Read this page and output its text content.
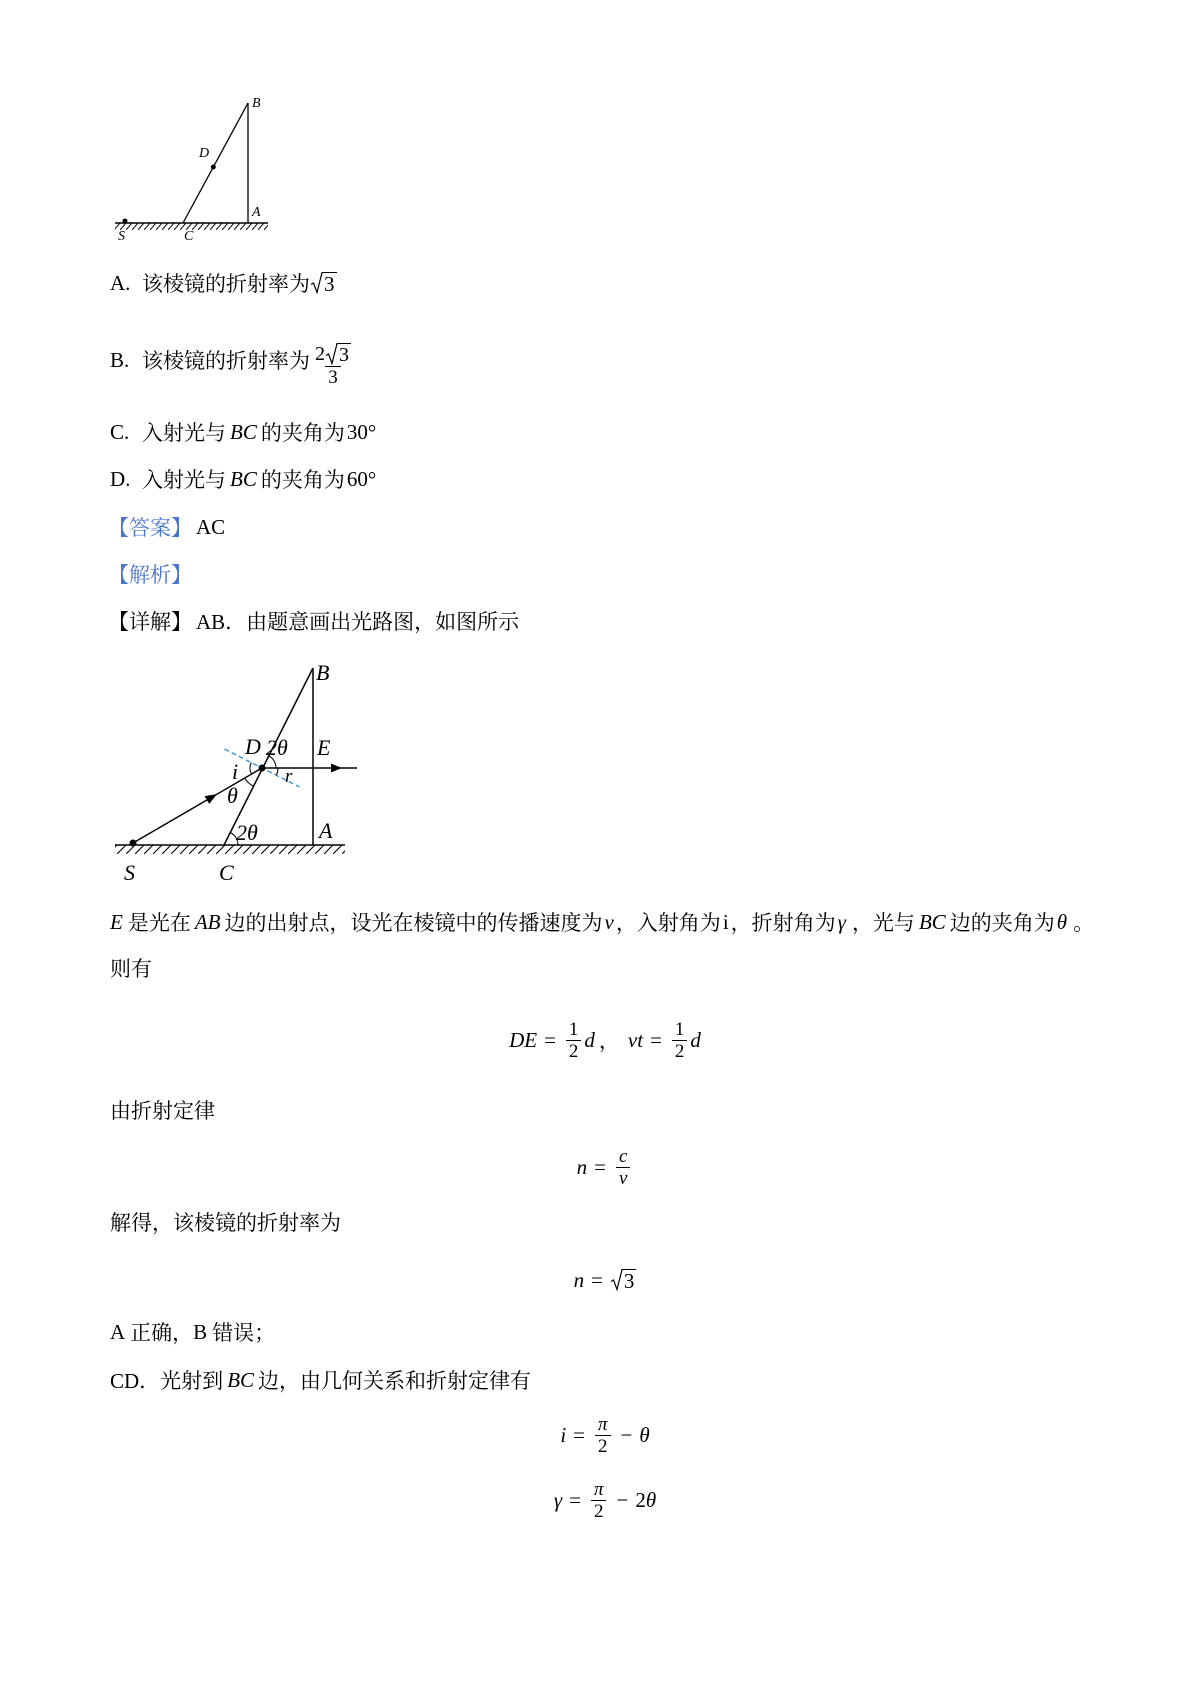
B
D
A
S	C
A. 该棱镜的折射率为 3
B. 该棱镜的折射率为 $\frac{2 3}{3}$
C. 入射光与 BC 的夹角为 30°
D. 入射光与 BC 的夹角为 60°
【答案】 AC
【解析】
【详解】 AB．由题意画出光路图，如图所示
B
D 2θ E
i r
θ
2θ	A
S	C
E 是光在 AB 边的出射点，设光在棱镜中的传播速度为 v ，入射角为 i ，折射角为 γ ，光与 BC 边的夹角为 θ 。
则有
DE = $\frac{1}{2}$ d ， vt = $\frac{1}{2}$ d
由折射定律
$n = \frac{c}{v}$
解得，该棱镜的折射率为
n = 3
A 正确， B 错误；
CD．光射到 BC 边，由几何关系和折射定律有
$i = \frac{\pi}{2} - \theta$
$\gamma = \frac{\pi}{2} - 2$ θ
